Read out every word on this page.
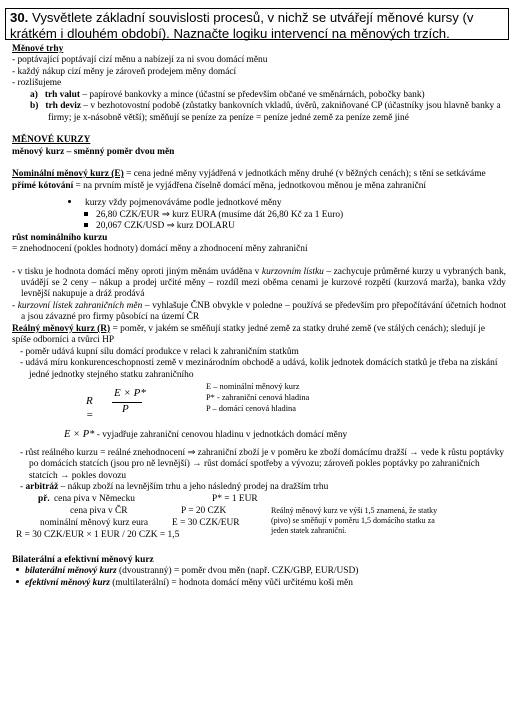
30. Vysvětlete základní souvislosti procesů, v nichž se utvářejí měnové kursy (v krátkém i dlouhém období). Naznačte logiku intervencí na měnových trzích.
Měnové trhy
- poptávající poptávají cizí měnu a nabízejí za ni svou domácí měnu
- každý nákup cizí měny je zároveň prodejem měny domácí
- rozlišujeme
a) trh valut – papírové bankovky a mince (účastní se především občané ve směnárnách, pobočky bank)
b) trh deviz – v bezhotovostní podobě (zůstatky bankovních vkladů, úvěrů, zakniňované CP (účastníky jsou hlavně banky a firmy; je x-násobně větší); směňují se peníze za peníze = peníze jedné země za peníze země jiné
MĚNOVÉ KURZY
měnový kurz – směnný poměr dvou měn
Nominální měnový kurz (E) = cena jedné měny vyjádřená v jednotkách měny druhé (v běžných cenách); s tění se setkáváme
přímé kótování = na prvním místě je vyjádřena číselně domácí měna, jednotkovou měnou je měna zahraniční
kurzy vždy pojmenováváme podle jednotkové měny
26,80 CZK/EUR ⇒ kurz EURA (musíme dát 26,80 Kč za 1 Euro)
20,067 CZK/USD ⇒ kurz DOLARU
růst nominálního kurzu
= znehodnocení (pokles hodnoty) domácí měny a zhodnocení měny zahraniční
- v tisku je hodnota domácí měny oproti jiným měnám uváděna v kurzovním lístku – zachycuje průměrné kurzy u vybraných bank, uvádějí se 2 ceny – nákup a prodej určité měny – rozdíl mezi oběma cenami je kurzové rozpětí (kurzová marža), banka vždy levnější nakupuje a dráž prodává
- kurzovní lístek zahraničních měn – vyhlašuje ČNB obvykle v poledne – používá se především pro přepočítávání účetních hodnot a jsou závazné pro firmy působící na území ČR
Reálný měnový kurz (R) = poměr, v jakém se směňují statky jedné země za statky druhé země (ve stálých cenách); sledují je spíše odborníci a tvůrci HP
- poměr udává kupní sílu domácí produkce v relaci k zahraničním statkům
- udává míru konkurenceschopnosti země v mezinárodním obchodě a udává, kolik jednotek domácích statků je třeba na získání jedné jednotky stejného statku zahraničního
R =
E × P*
P
E – nominální měnový kurz
P* - zahraniční cenová hladina
P – domácí cenová hladina
E × P* - vyjadřuje zahraniční cenovou hladinu v jednotkách domácí měny
- růst reálného kurzu = reálné znehodnocení ⇒ zahraniční zboží je v poměru ke zboží domácímu dražší → vede k růstu poptávky po domácích statcích (jsou pro ně levnější) → růst domácí spotřeby a vývozu; zároveň pokles poptávky po zahraničních statcích → pokles dovozu
- arbitráž – nákup zboží na levnějším trhu a jeho následný prodej na dražším trhu
př. cena piva v Německu	P* = 1 EUR
cena piva v ČR	P = 20 CZK
nominální měnový kurz eura	E = 30 CZK/EUR
R = 30 CZK/EUR × 1 EUR / 20 CZK = 1,5
Reálný měnový kurz ve výši 1,5 znamená, že statky (pivo) se směňují v poměru 1,5 domácího statku za jeden statek zahraniční.
Bilaterální a efektivní měnový kurz
bilaterální měnový kurz (dvoustranný) = poměr dvou měn (např. CZK/GBP, EUR/USD)
efektivní měnový kurz (multilaterální) = hodnota domácí měny vůči určitému koši měn
